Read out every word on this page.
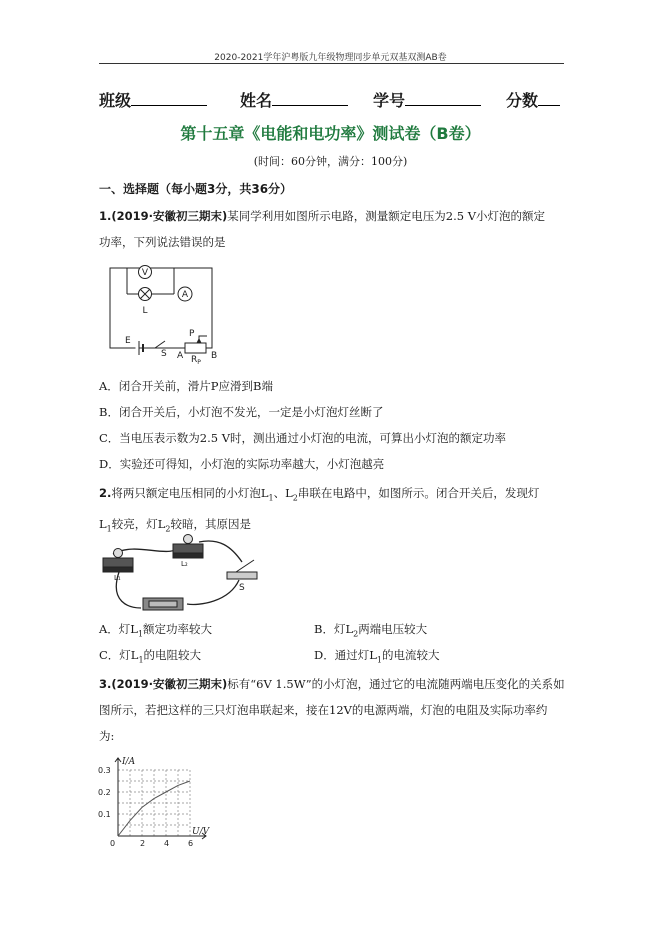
2020-2021学年沪粤版九年级物理同步单元双基双测AB卷
班级	姓名	学号	分数
第十五章《电能和电功率》测试卷（B卷）
(时间：60分钟，满分：100分)
一、选择题（每小题3分，共36分）
1.(2019·安徽初三期末)某同学利用如图所示电路，测量额定电压为2.5 V小灯泡的额定
功率，下列说法错误的是
V
A
L
E
S
P
A $R_P$
B
A．闭合开关前，滑片P应滑到B端
B．闭合开关后，小灯泡不发光，一定是小灯泡灯丝断了
C．当电压表示数为2.5 V时，测出通过小灯泡的电流，可算出小灯泡的额定功率
D．实验还可得知，小灯泡的实际功率越大，小灯泡越亮
2.将两只额定电压相同的小灯泡$L_1$、$L_2$串联在电路中，如图所示。闭合开关后，发现灯
$L_1$较亮，灯$L_2$较暗，其原因是
L₁
L₂
S
A．灯$L_1$额定功率较大	B．灯$L_2$两端电压较大
C．灯$L_1$的电阻较大	D．通过灯$L_1$的电流较大
3.(2019·安徽初三期末)标有“6V 1.5W”的小灯泡，通过它的电流随两端电压变化的关系如
图所示，若把这样的三只灯泡串联起来，接在12V的电源两端，灯泡的电阻及实际功率约
为:
0	2 4 6
0.1
0.2
0.3
I/A
U/V
